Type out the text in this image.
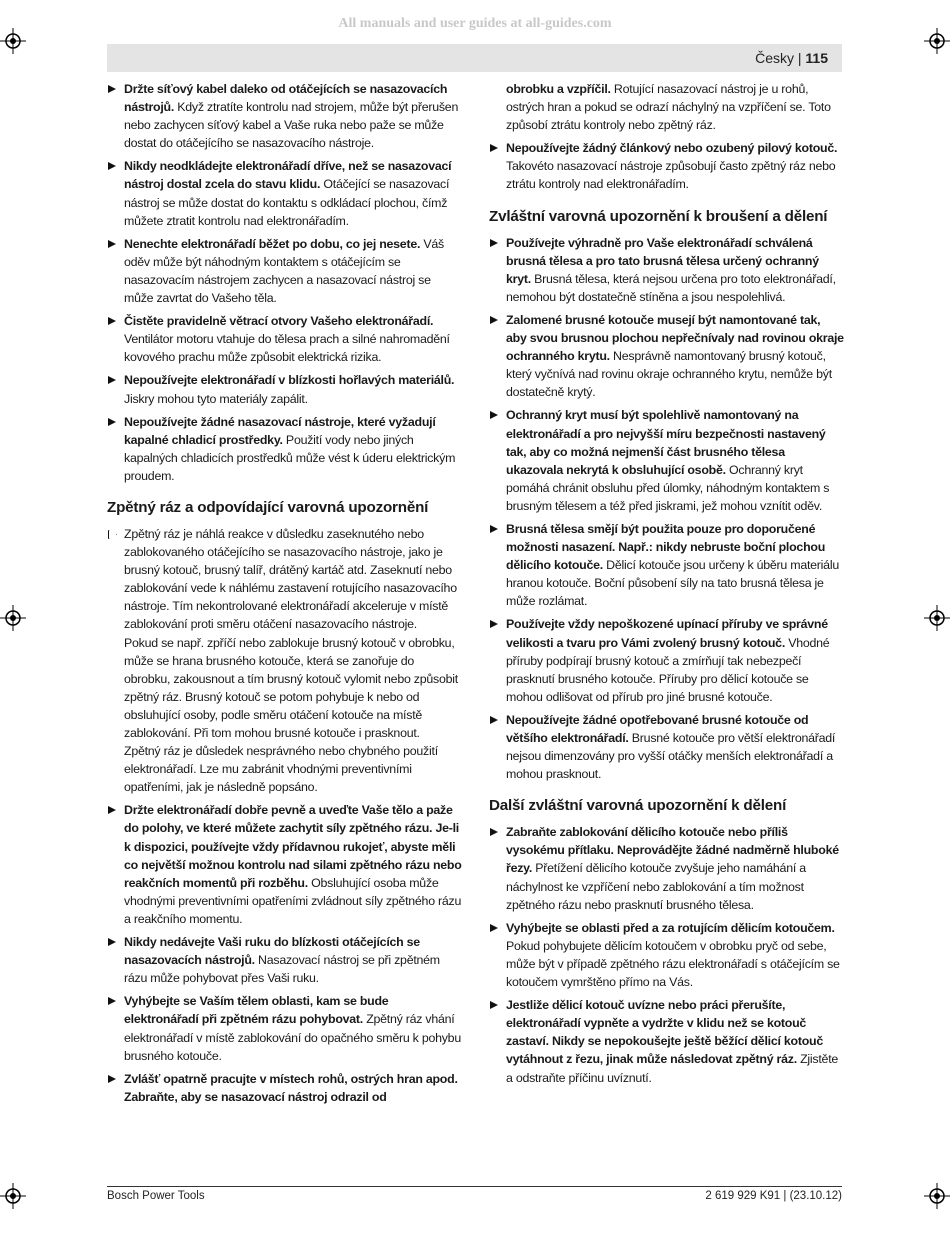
All manuals and user guides at all-guides.com
Česky | 115

Držte síťový kabel daleko od otáčejících se nasazovacích nástrojů. Když ztratíte kontrolu nad strojem, může být přerušen nebo zachycen síťový kabel a Vaše ruka nebo paže se může dostat do otáčejícího se nasazovacího nástroje.

Nikdy neodkládejte elektronářadí dříve, než se nasazovací nástroj dostal zcela do stavu klidu. Otáčející se nasazovací nástroj se může dostat do kontaktu s odkládací plochou, čímž můžete ztratit kontrolu nad elektronářadím.

Nenechte elektronářadí běžet po dobu, co jej nesete. Váš oděv může být náhodným kontaktem s otáčejícím se nasazovacím nástrojem zachycen a nasazovací nástroj se může zavrtat do Vašeho těla.

Čistěte pravidelně větrací otvory Vašeho elektronářadí. Ventilátor motoru vtahuje do tělesa prach a silné nahromadění kovového prachu může způsobit elektrická rizika.

Nepoužívejte elektronářadí v blízkosti hořlavých materiálů. Jiskry mohou tyto materiály zapálit.

Nepoužívejte žádné nasazovací nástroje, které vyžadují kapalné chladicí prostředky. Použití vody nebo jiných kapalných chladicích prostředků může vést k úderu elektrickým proudem.

Zpětný ráz a odpovídající varovná upozornění

Zpětný ráz je náhlá reakce v důsledku zaseknutého nebo zablokovaného otáčejícího se nasazovacího nástroje, jako je brusný kotouč, brusný talíř, drátěný kartáč atd. Zaseknutí nebo zablokování vede k náhlému zastavení rotujícího nasazovacího nástroje. Tím nekontrolované elektronářadí akceleruje v místě zablokování proti směru otáčení nasazovacího nástroje.

Pokud se např. zpříčí nebo zablokuje brusný kotouč v obrobku, může se hrana brusného kotouče, která se zanořuje do obrobku, zakousnout a tím brusný kotouč vylomit nebo způsobit zpětný ráz. Brusný kotouč se potom pohybuje k nebo od obsluhující osoby, podle směru otáčení kotouče na místě zablokování. Při tom mohou brusné kotouče i prasknout.

Zpětný ráz je důsledek nesprávného nebo chybného použití elektronářadí. Lze mu zabránit vhodnými preventivními opatřeními, jak je následně popsáno.

Držte elektronářadí dobře pevně a uveďte Vaše tělo a paže do polohy, ve které můžete zachytit síly zpětného rázu. Je-li k dispozici, používejte vždy přídavnou rukojeť, abyste měli co největší možnou kontrolu nad silami zpětného rázu nebo reakčních momentů při rozběhu. Obsluhující osoba může vhodnými preventivními opatřeními zvládnout síly zpětného rázu a reakčního momentu.

Nikdy nedávejte Vaši ruku do blízkosti otáčejících se nasazovacích nástrojů. Nasazovací nástroj se při zpětném rázu může pohybovat přes Vaši ruku.

Vyhýbejte se Vaším tělem oblasti, kam se bude elektronářadí při zpětném rázu pohybovat. Zpětný ráz vhání elektronářadí v místě zablokování do opačného směru k pohybu brusného kotouče.

Zvlášť opatrně pracujte v místech rohů, ostrých hran apod. Zabraňte, aby se nasazovací nástroj odrazil od

obrobku a vzpříčil. Rotující nasazovací nástroj je u rohů, ostrých hran a pokud se odrazí náchylný na vzpříčení se. Toto způsobí ztrátu kontroly nebo zpětný ráz.

Nepoužívejte žádný článkový nebo ozubený pilový kotouč. Takovéto nasazovací nástroje způsobují často zpětný ráz nebo ztrátu kontroly nad elektronářadím.

Zvláštní varovná upozornění k broušení a dělení

Používejte výhradně pro Vaše elektronářadí schválená brusná tělesa a pro tato brusná tělesa určený ochranný kryt. Brusná tělesa, která nejsou určena pro toto elektronářadí, nemohou být dostatečně stíněna a jsou nespolehlivá.

Zalomené brusné kotouče musejí být namontované tak, aby svou brusnou plochou nepřečnívaly nad rovinou okraje ochranného krytu. Nesprávně namontovaný brusný kotouč, který vyčnívá nad rovinu okraje ochranného krytu, nemůže být dostatečně krytý.

Ochranný kryt musí být spolehlivě namontovaný na elektronářadí a pro nejvyšší míru bezpečnosti nastavený tak, aby co možná nejmenší část brusného tělesa ukazovala nekrytá k obsluhující osobě. Ochranný kryt pomáhá chránit obsluhu před úlomky, náhodným kontaktem s brusným tělesem a též před jiskrami, jež mohou vznítit oděv.

Brusná tělesa smějí být použita pouze pro doporučené možnosti nasazení. Např.: nikdy nebruste boční plochou dělicího kotouče. Dělicí kotouče jsou určeny k úběru materiálu hranou kotouče. Boční působení síly na tato brusná tělesa je může rozlámat.

Používejte vždy nepoškozené upínací příruby ve správné velikosti a tvaru pro Vámi zvolený brusný kotouč. Vhodné příruby podpírají brusný kotouč a zmírňují tak nebezpečí prasknutí brusného kotouče. Příruby pro dělicí kotouče se mohou odlišovat od přírub pro jiné brusné kotouče.

Nepoužívejte žádné opotřebované brusné kotouče od většího elektronářadí. Brusné kotouče pro větší elektronářadí nejsou dimenzovány pro vyšší otáčky menších elektronářadí a mohou prasknout.

Další zvláštní varovná upozornění k dělení

Zabraňte zablokování dělicího kotouče nebo příliš vysokému přítlaku. Neprovádějte žádné nadměrně hluboké řezy. Přetížení dělicího kotouče zvyšuje jeho namáhání a náchylnost ke vzpříčení nebo zablokování a tím možnost zpětného rázu nebo prasknutí brusného tělesa.

Vyhýbejte se oblasti před a za rotujícím dělicím kotoučem. Pokud pohybujete dělicím kotoučem v obrobku pryč od sebe, může být v případě zpětného rázu elektronářadí s otáčejícím se kotoučem vymrštěno přímo na Vás.

Jestliže dělicí kotouč uvízne nebo práci přerušíte, elektronářadí vypněte a vydržte v klidu než se kotouč zastaví. Nikdy se nepokoušejte ještě běžící dělicí kotouč vytáhnout z řezu, jinak může následovat zpětný ráz. Zjistěte a odstraňte příčinu uvíznutí.

Bosch Power Tools	2 619 929 K91 | (23.10.12)
